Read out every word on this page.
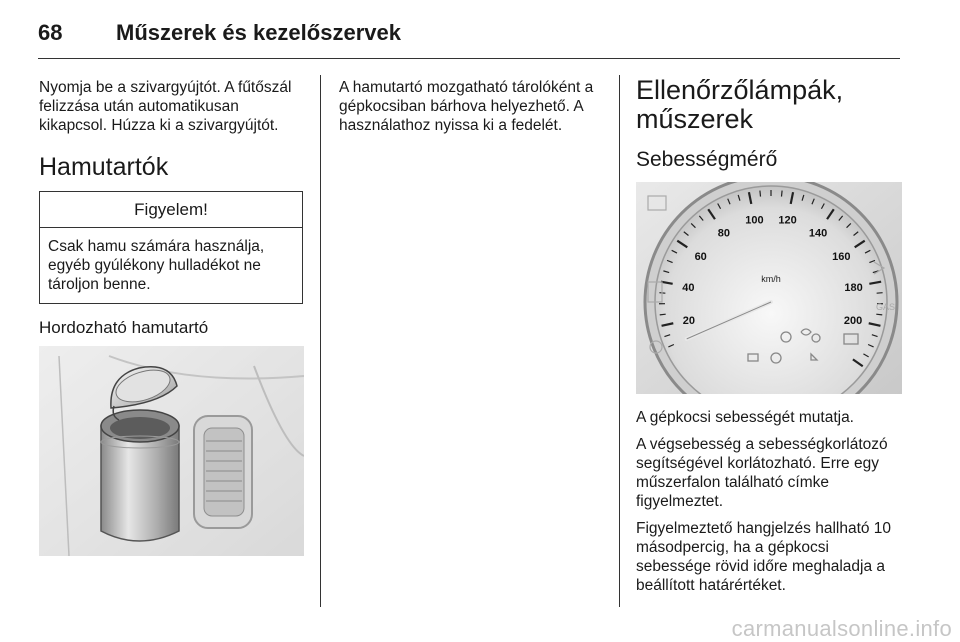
68 Műszerek és kezelőszervek

Nyomja be a szivargyújtót. A fűtőszál felizzása után automatikusan kikapcsol. Húzza ki a szivargyújtót.

Hamutartók
Figyelem!
Csak hamu számára használja, egyéb gyúlékony hulladékot ne tároljon benne.
Hordozható hamutartó

A hamutartó mozgatható tárolóként a gépkocsiban bárhova helyezhető. A használathoz nyissa ki a fedelét.

Ellenőrzőlámpák, műszerek
Sebességmérő
20
40
60
80
100 120
140
160
180
200
km/h
GAS

A gépkocsi sebességét mutatja.

A végsebesség a sebességkorlátozó segítségével korlátozható. Erre egy műszerfalon található címke figyelmeztet.

Figyelmeztető hangjelzés hallható 10 másodpercig, ha a gépkocsi sebessége rövid időre meghaladja a beállított határértéket.

carmanualsonline.info
